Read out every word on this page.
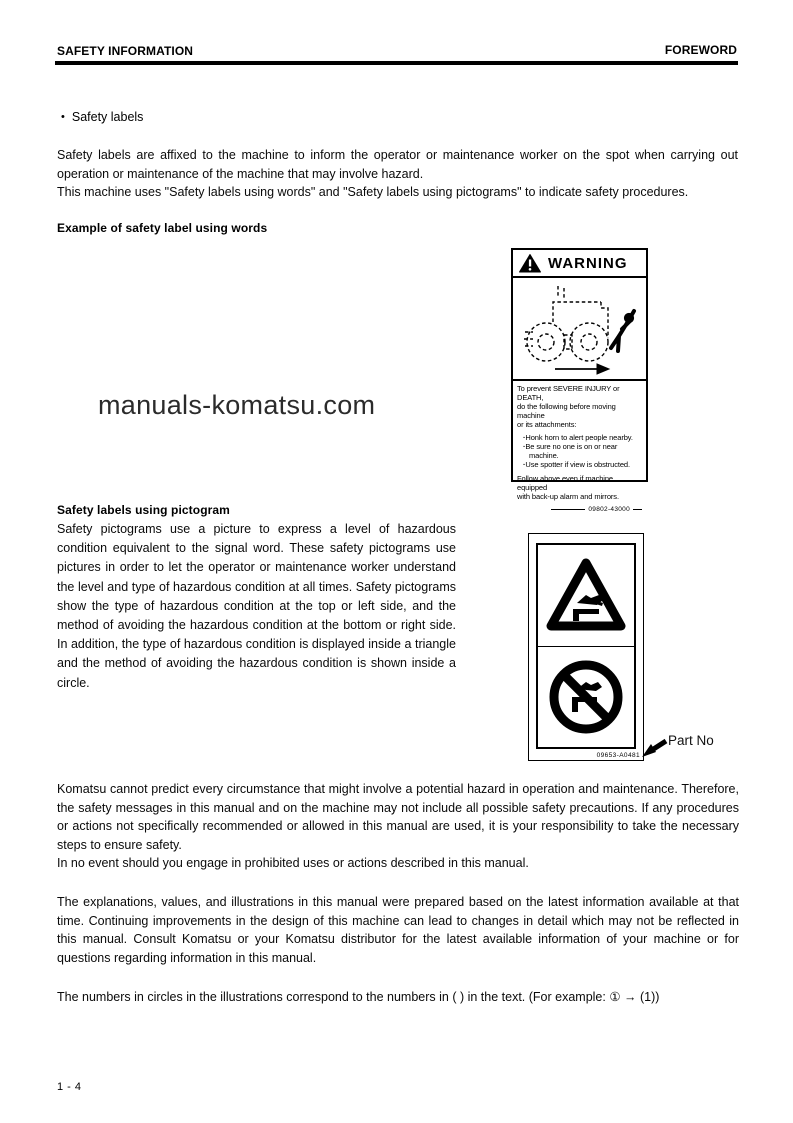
SAFETY INFORMATION	FOREWORD
• Safety labels
Safety labels are affixed to the machine to inform the operator or maintenance worker on the spot when carrying out operation or maintenance of the machine that may involve hazard.
This machine uses "Safety labels using words" and "Safety labels using pictograms" to indicate safety procedures.
Example of safety label using words
WARNING
To prevent SEVERE INJURY or DEATH,
do the following before moving machine
or its attachments:
· Honk horn to alert people nearby.
· Be sure no one is on or near machine.
· Use spotter if view is obstructed.
Follow above even if machine equipped
with back-up alarm and mirrors.
09802-43000
manuals-komatsu.com
Safety labels using pictogram
Safety pictograms use a picture to express a level of hazardous condition equivalent to the signal word. These safety pictograms use pictures in order to let the operator or maintenance worker understand the level and type of hazardous condition at all times. Safety pictograms show the type of hazardous condition at the top or left side, and the method of avoiding the hazardous condition at the bottom or right side. In addition, the type of hazardous condition is displayed inside a triangle and the method of avoiding the hazardous condition is shown inside a circle.
09653-A0481
Part No
Komatsu cannot predict every circumstance that might involve a potential hazard in operation and maintenance. Therefore, the safety messages in this manual and on the machine may not include all possible safety precautions. If any procedures or actions not specifically recommended or allowed in this manual are used, it is your responsibility to take the necessary steps to ensure safety.
In no event should you engage in prohibited uses or actions described in this manual.
The explanations, values, and illustrations in this manual were prepared based on the latest information available at that time. Continuing improvements in the design of this machine can lead to changes in detail which may not be reflected in this manual. Consult Komatsu or your Komatsu distributor for the latest available information of your machine or for questions regarding information in this manual.
The numbers in circles in the illustrations correspond to the numbers in ( ) in the text. (For example: ① → (1))
1 - 4
